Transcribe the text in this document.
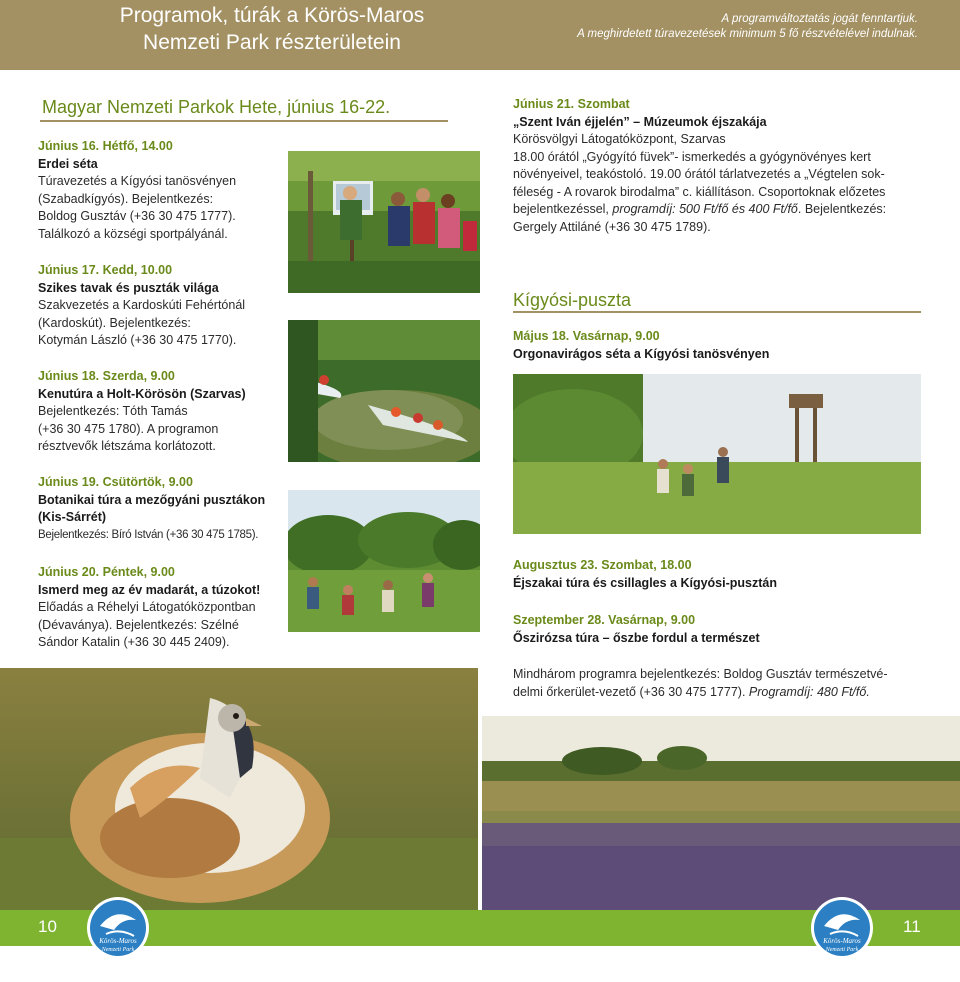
Programok, túrák a Körös-Maros
Nemzeti Park részterületein
A programváltoztatás jogát fenntartjuk.
A meghirdetett túravezetések minimum 5 fő részvételével indulnak.
Magyar Nemzeti Parkok Hete, június 16-22.
Június 16. Hétfő, 14.00
Erdei séta
Túravezetés a Kígyósi tanösvényen
(Szabadkígyós). Bejelentkezés:
Boldog Gusztáv (+36 30 475 1777).
Találkozó a községi sportpályánál.
Június 17. Kedd, 10.00
Szikes tavak és puszták világa
Szakvezetés a Kardoskúti Fehértónál
(Kardoskút). Bejelentkezés:
Kotymán László (+36 30 475 1770).
Június 18. Szerda, 9.00
Kenutúra a Holt-Körösön (Szarvas)
Bejelentkezés: Tóth Tamás
(+36 30 475 1780). A programon
résztvevők létszáma korlátozott.
Június 19. Csütörtök, 9.00
Botanikai túra a mezőgyáni pusztákon
(Kis-Sárrét)
Bejelentkezés: Bíró István (+36 30 475 1785).
Június 20. Péntek, 9.00
Ismerd meg az év madarát, a túzokot!
Előadás a Réhelyi Látogatóközpontban
(Dévaványa). Bejelentkezés: Szélné
Sándor Katalin (+36 30 445 2409).
Június 21. Szombat
„Szent Iván éjjelén” – Múzeumok éjszakája
Körösvölgyi Látogatóközpont, Szarvas
18.00 órától „Gyógyító füvek”- ismerkedés a gyógynövényes kert
növényeivel, teakóstoló. 19.00 órától tárlatvezetés a „Végtelen sok-
féleség - A rovarok birodalma” c. kiállításon. Csoportoknak előzetes
bejelentkezéssel, programdíj: 500 Ft/fő és 400 Ft/fő. Bejelentkezés:
Gergely Attiláné (+36 30 475 1789).
Kígyósi-puszta
Május 18. Vasárnap, 9.00
Orgonavirágos séta a Kígyósi tanösvényen
Augusztus 23. Szombat, 18.00
Éjszakai túra és csillagles a Kígyósi-pusztán
Szeptember 28. Vasárnap, 9.00
Őszirózsa túra – őszbe fordul a természet
Mindhárom programra bejelentkezés: Boldog Gusztáv természetvé-
delmi őrkerület-vezető (+36 30 475 1777). Programdíj: 480 Ft/fő.
10	11
Körös-Maros
Nemzeti Park
Körös-Maros
Nemzeti Park
